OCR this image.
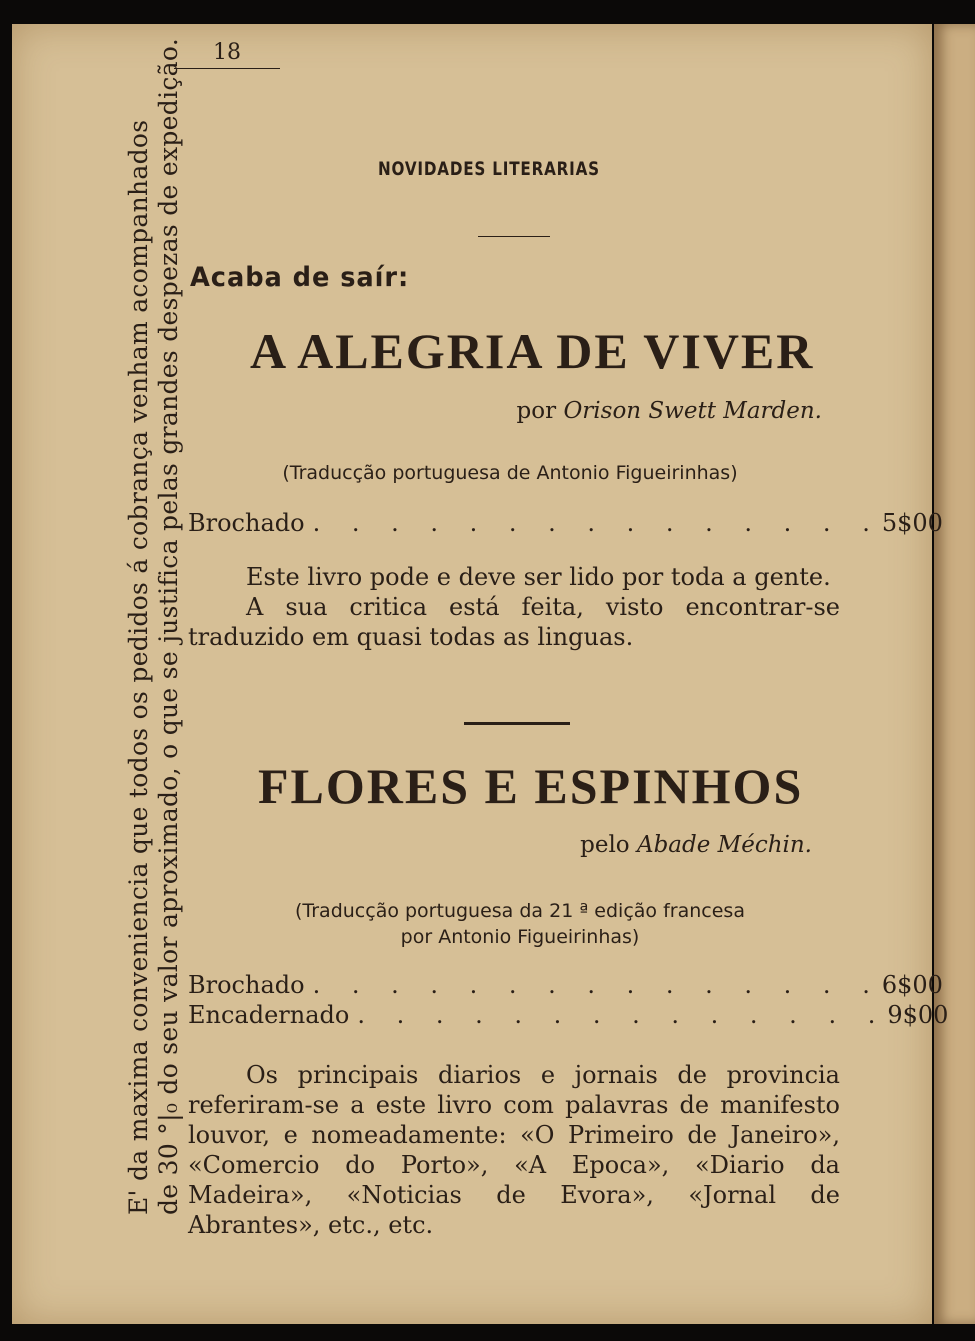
18
E' da maxima conveniencia que todos os pedidos á cobrança venham acompanhados de 30 °|₀ do seu valor aproximado, o que se justifica pelas grandes despezas de expedição.	NOVIDADES LITERARIAS
Acaba de saír:
A ALEGRIA DE VIVER
por Orison Swett Marden.
(Traducção portuguesa de Antonio Figueirinhas)
Brochado . . . . . . . . . . . . . . . 5$00

Este livro pode e deve ser lido por toda a gente.

A sua critica está feita, visto encontrar-se traduzido em quasi todas as linguas.

FLORES E ESPINHOS
pelo Abade Méchin.
(Traducção portuguesa da 21 ª edição francesa
por Antonio Figueirinhas)
Brochado . . . . . . . . . . . . . . . 6$00
Encadernado . . . . . . . . . . . . . . 9$00

Os principais diarios e jornais de provincia referiram-se a este livro com palavras de manifesto louvor, e nomeadamente: «O Primeiro de Janeiro», «Comercio do Porto», «A Epoca», «Diario da Madeira», «Noticias de Evora», «Jornal de Abrantes», etc., etc.
